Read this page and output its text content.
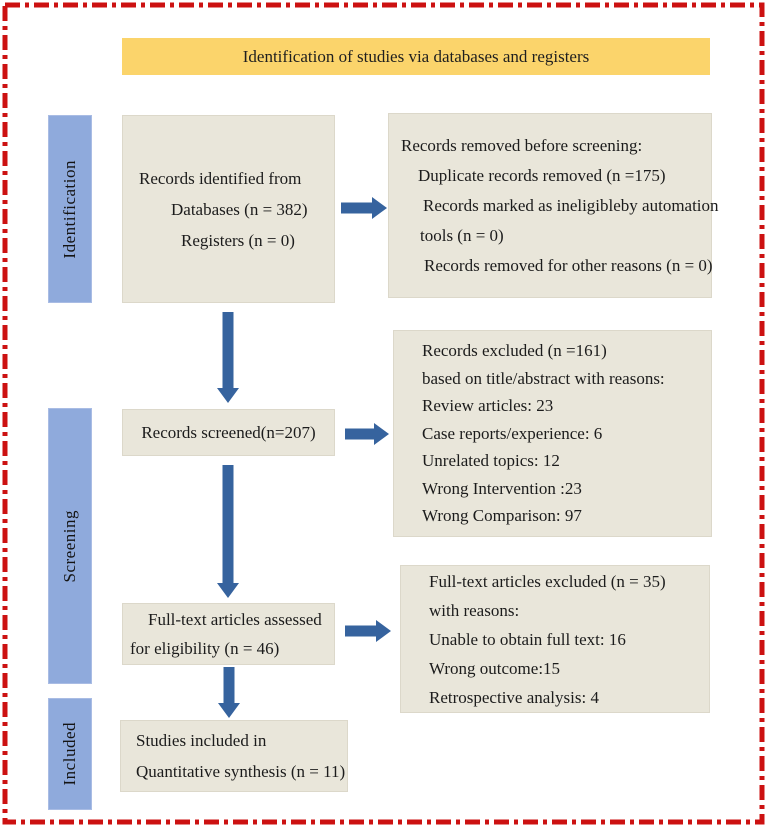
Identification of studies via databases and registers
Identification
Screening
Included
Records identified from
Databases (n = 382)
Registers (n = 0)
Records screened(n=207)
Full-text articles assessed
for eligibility (n = 46)
Studies included in
Quantitative synthesis (n = 11)
Records removed before screening:
Duplicate records removed (n =175)
Records marked as ineligibleby automation
tools (n = 0)
Records removed for other reasons (n = 0)
Records excluded (n =161)
based on title/abstract with reasons:
Review articles: 23
Case reports/experience: 6
Unrelated topics: 12
Wrong Intervention :23
Wrong Comparison: 97
Full-text articles excluded (n = 35)
with reasons:
Unable to obtain full text: 16
Wrong outcome:15
Retrospective analysis: 4
